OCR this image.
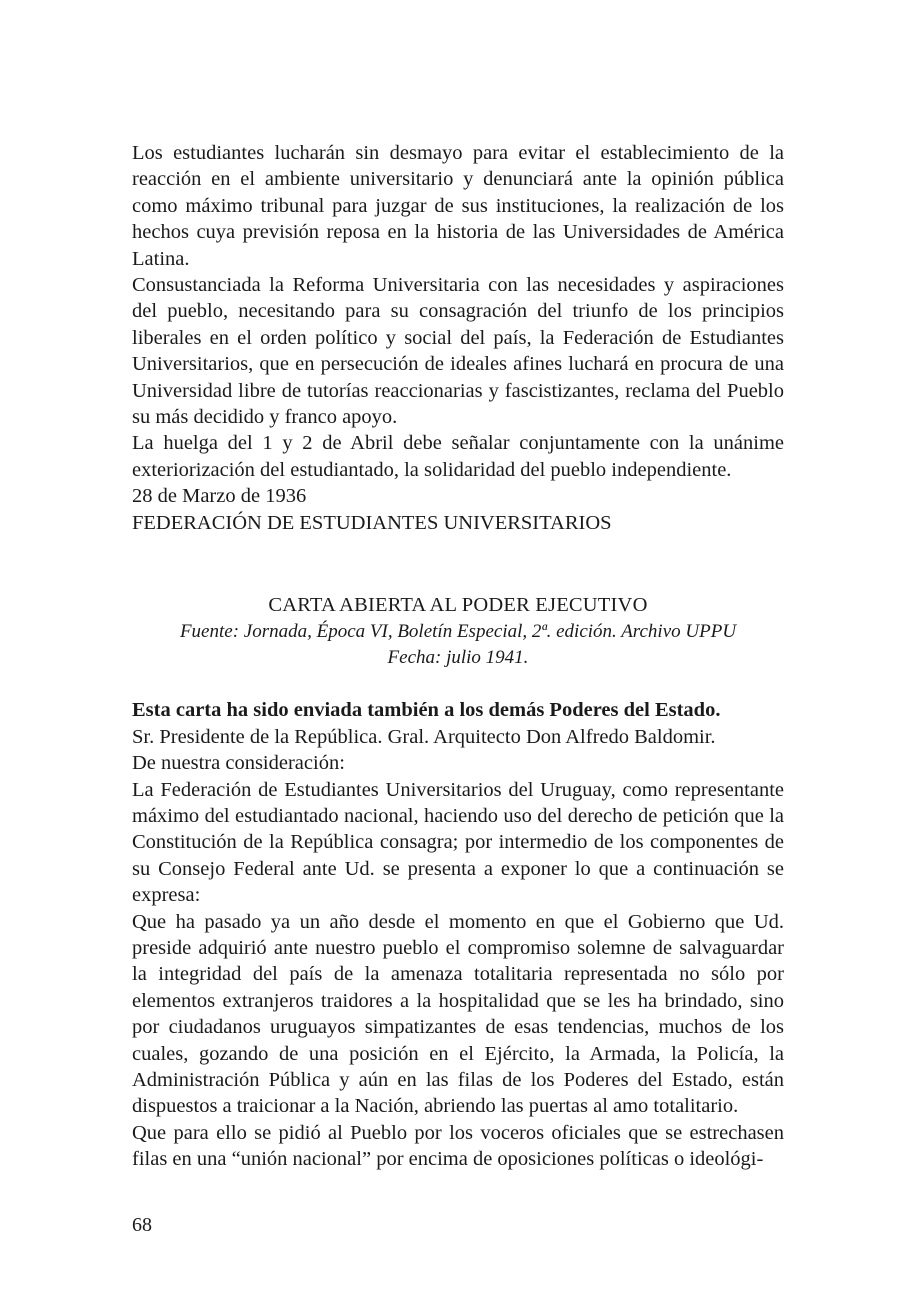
Los estudiantes lucharán sin desmayo para evitar el establecimiento de la reacción en el ambiente universitario y denunciará ante la opinión pública como máximo tribunal para juzgar de sus instituciones, la realización de los hechos cuya previsión reposa en la historia de las Universidades de América Latina.

Consustanciada la Reforma Universitaria con las necesidades y aspiraciones del pueblo, necesitando para su consagración del triunfo de los principios liberales en el orden político y social del país, la Federación de Estudiantes Universitarios, que en persecución de ideales afines luchará en procura de una Universidad libre de tutorías reaccionarias y fascistizantes, reclama del Pueblo su más decidido y franco apoyo.

La huelga del 1 y 2 de Abril debe señalar conjuntamente con la unánime exteriorización del estudiantado, la solidaridad del pueblo independiente.

28 de Marzo de 1936

FEDERACIÓN DE ESTUDIANTES UNIVERSITARIOS

CARTA ABIERTA AL PODER EJECUTIVO

Fuente: Jornada, Época VI, Boletín Especial, 2ª. edición. Archivo UPPU

Fecha: julio 1941.

Esta carta ha sido enviada también a los demás Poderes del Estado.

Sr. Presidente de la República. Gral. Arquitecto Don Alfredo Baldomir.

De nuestra consideración:

La Federación de Estudiantes Universitarios del Uruguay, como representante máximo del estudiantado nacional, haciendo uso del derecho de petición que la Constitución de la República consagra; por intermedio de los componentes de su Consejo Federal ante Ud. se presenta a exponer lo que a continuación se expresa:

Que ha pasado ya un año desde el momento en que el Gobierno que Ud. preside adquirió ante nuestro pueblo el compromiso solemne de salvaguardar la integridad del país de la amenaza totalitaria representada no sólo por elementos extranjeros traidores a la hospitalidad que se les ha brindado, sino por ciudadanos uruguayos simpatizantes de esas tendencias, muchos de los cuales, gozando de una posición en el Ejército, la Armada, la Policía, la Administración Pública y aún en las filas de los Poderes del Estado, están dispuestos a traicionar a la Nación, abriendo las puertas al amo totalitario.

Que para ello se pidió al Pueblo por los voceros oficiales que se estrechasen filas en una “unión nacional” por encima de oposiciones políticas o ideológi-

68
